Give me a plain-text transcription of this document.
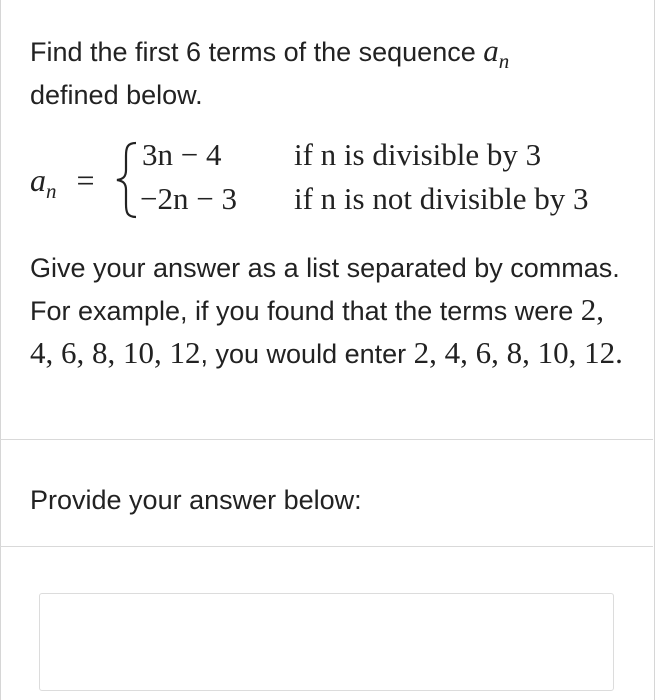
Find the first 6 terms of the sequence $a_n$
defined below.

$a_n$ =
3n − 4 if n is divisible by 3
−2n − 3 if n is not divisible by 3

Give your answer as a list separated by commas. For example, if you found that the terms were 2, 4, 6, 8, 10, 12, you would enter 2, 4, 6, 8, 10, 12.

Provide your answer below:
